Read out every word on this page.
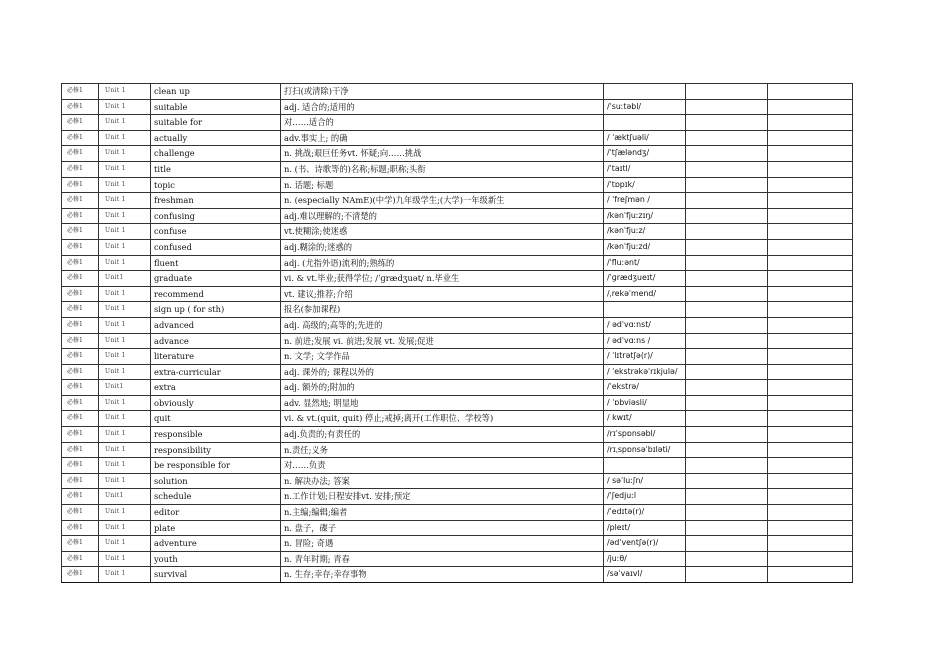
必修1	Unit 1	clean up	打扫(或清除)干净			
必修1	Unit 1	suitable	adj. 适合的;适用的	/ˈsuːtəbl/		
必修1	Unit 1	suitable for	对……适合的			
必修1	Unit 1	actually	adv.事实上; 的确	/ ˈæktʃuəli/		
必修1	Unit 1	challenge	n. 挑战;艰巨任务vt. 怀疑;向……挑战	/ˈtʃæləndʒ/		
必修1	Unit 1	title	n. (书、诗歌等的)名称;标题;职称;头衔	/ˈtaɪtl/		
必修1	Unit 1	topic	n. 话题; 标题	/ˈtɒpɪk/		
必修1	Unit 1	freshman	n. (especially NAmE)(中学)九年级学生;(大学)一年级新生	/ ˈfreʃmən /		
必修1	Unit 1	confusing	adj.难以理解的;不清楚的	/kənˈfjuːzɪŋ/		
必修1	Unit 1	confuse	vt.使糊涂;使迷惑	/kənˈfjuːz/		
必修1	Unit 1	confused	adj.糊涂的;迷惑的	/kənˈfjuːzd/		
必修1	Unit 1	fluent	adj. (尤指外语)流利的;熟练的	/ˈfluːənt/		
必修1	Unit1	graduate	vi. & vt.毕业;获得学位; /ˈɡrædʒuət/ n.毕业生	/ˈɡrædʒueɪt/		
必修1	Unit 1	recommend	vt. 建议;推荐;介绍	/ˌrekəˈmend/		
必修1	Unit 1	sign up ( for sth)	报名(参加课程)			
必修1	Unit 1	advanced	adj. 高级的;高等的;先进的	/ ədˈvɑːnst/		
必修1	Unit 1	advance	n. 前进;发展 vi. 前进;发展 vt. 发展;促进	/ ədˈvɑːns /		
必修1	Unit 1	literature	n. 文学; 文学作品	/ ˈlɪtrətʃə(r)/		
必修1	Unit 1	extra-curricular	adj. 课外的; 课程以外的	/ ˈekstrəkəˈrɪkjulə/		
必修1	Unit1	extra	adj. 额外的;附加的	/ˈekstrə/		
必修1	Unit 1	obviously	adv. 显然地; 明显地	/ ˈɒbviəsli/		
必修1	Unit 1	quit	vi. & vt.(quit, quit) 停止;戒掉;离开(工作职位、学校等)	/ kwɪt/		
必修1	Unit 1	responsible	adj.负责的;有责任的	/rɪˈspɒnsəbl/		
必修1	Unit 1	responsibility	n.责任;义务	/rɪˌspɒnsəˈbɪləti/		
必修1	Unit 1	be responsible for	对……负责			
必修1	Unit 1	solution	n. 解决办法; 答案	/ səˈluːʃn/		
必修1	Unit1	schedule	n.工作计划;日程安排vt. 安排;预定	/ˈʃedjuːl		
必修1	Unit 1	editor	n.主编;编辑;编者	/ˈedɪtə(r)/		
必修1	Unit 1	plate	n. 盘子，碟子	/pleɪt/		
必修1	Unit 1	adventure	n. 冒险; 奇遇	/ədˈventʃə(r)/		
必修1	Unit 1	youth	n. 青年时期; 青春	/juːθ/		
必修1	Unit 1	survival	n. 生存;幸存;幸存事物	/səˈvaɪvl/		
